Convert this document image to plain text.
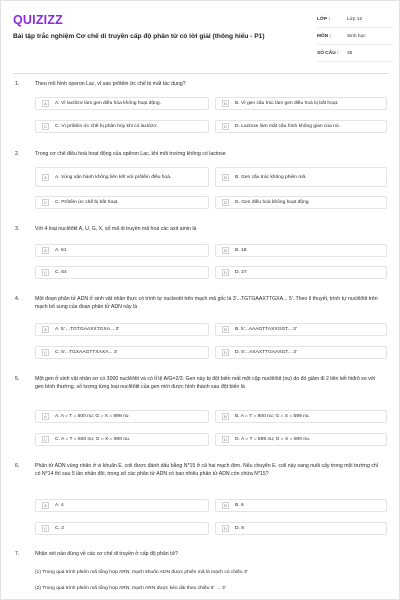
QUIZIZZ
Bài tập trắc nghiệm Cơ chế di truyền cấp độ phân tử có lời giải (thông hiểu - P1)
LỚP :	Lớp 12
MÔN :	Sinh học
SỐ CÂU :	35
1.	Theo mô hình operon Lac, vì sao prôtêin ức chế bị mất tác dụng?
A	A. Vì lactôzơ làm gen điều hòa không hoạt động.	B	B. Vì gen cấu trúc làm gen điều hoà bị bất hoạt.
C	C. Vì prôtêin ức chế bị phân hủy khi có lactôzơ.	D	D. Lactose làm mất cấu hình không gian của nó.
2.	Trong cơ chế điều hoà hoạt động của opêron Lac, khi môi trường không có lactose
A	A. Vùng vận hành không liên kết với prôtêin điều hoà.	B	B. Gen cấu trúc không phiên mã.
C	C. Prôtêin ức chế bị bất hoạt.	D	D. Gen điều hoà không hoạt động.
3.	Với 4 loại nuclêôtit A, U, G, X, số mã di truyền mã hoá các axit amin là
A	A. 61	B	B. 18
C	C. 64	D	D. 27
4.	Một đoạn phân tử ADN ở sinh vật nhân thực có trình tự nucleotit trên mạch mã gốc là 3'...TGTGAAXTTGXA... 5'. Theo lí thuyết, trình tự nuclêôtit trên mạch bổ sung của đoạn phân tử ADN này là
A	A. 5' ...TGTGAAXXTGXA... 3'	B	B. 5'...AAAGTTAXXGGT... 3'
C	C. 5'...TGXAAGTTXAXA... 3'	D	D. 5'...AXAXTTGAAXGT... 3'
5.	Một gen ở sinh vật nhân sơ có 3000 nuclêôtit và có tỉ lệ A/G=2/3. Gen này bị đột biến mất một cặp nuclêôtit (nu) do đó giảm đi 2 liên kết hiđrô so với gen bình thường, số lượng từng loại nuclêôtit của gen mới được hình thành sau đột biến là
A	A. A = T = 600 nu; G = X = 899 nu	B	B. A = T = 900 nu; G = X = 599 nu.
C	C. A = T = 600 nu; G = X = 900 nu.	D	D. A = T = 599 nu; G = X = 900 nu.
6.	Phân tử ADN vùng nhân ở vi khuẩn E. coli được đánh dấu bằng N*15 ở cả hai mạch đơn. Nếu chuyển E. coli này sang nuôi cấy trong môi trường chỉ có N*14 thì sau 5 lần nhân đôi, trong số các phân tử ADN có bao nhiêu phân tử ADN còn chứa N*15?
A	A. 4	B	B. 6
C	C. 2	D	D. 8
7.	Nhận xét nào đúng về các cơ chế di truyền ở cấp độ phân tử?
(1) Trong quá trình phiên mã tổng hợp ARN, mạch khuôn ADN được phiên mã là mạch có chiều 3'
(2) Trong quá trình phiên mã tổng hợp ARN, mạch ARN được kéo dài theo chiều 5' → 3'
